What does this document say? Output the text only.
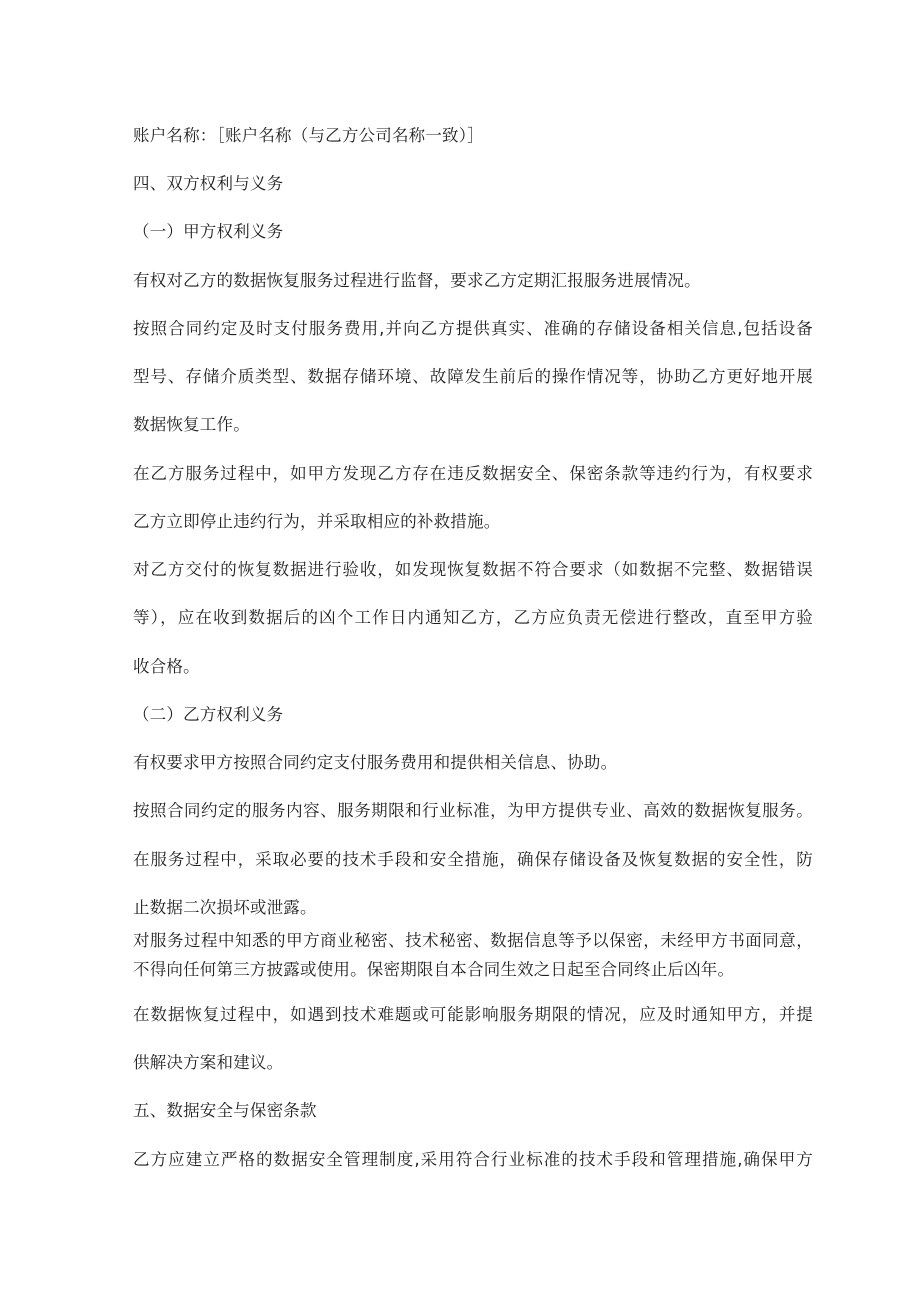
账户名称：［账户名称（与乙方公司名称一致）］
四、双方权利与义务
（一）甲方权利义务
有权对乙方的数据恢复服务过程进行监督，要求乙方定期汇报服务进展情况。
按照合同约定及时支付服务费用,并向乙方提供真实、准确的存储设备相关信息,包括设备
型号、存储介质类型、数据存储环境、故障发生前后的操作情况等，协助乙方更好地开展
数据恢复工作。
在乙方服务过程中，如甲方发现乙方存在违反数据安全、保密条款等违约行为，有权要求
乙方立即停止违约行为，并采取相应的补救措施。
对乙方交付的恢复数据进行验收，如发现恢复数据不符合要求（如数据不完整、数据错误
等），应在收到数据后的凶个工作日内通知乙方，乙方应负责无偿进行整改，直至甲方验
收合格。
（二）乙方权利义务
有权要求甲方按照合同约定支付服务费用和提供相关信息、协助。
按照合同约定的服务内容、服务期限和行业标准，为甲方提供专业、高效的数据恢复服务。
在服务过程中，采取必要的技术手段和安全措施，确保存储设备及恢复数据的安全性，防
止数据二次损坏或泄露。
对服务过程中知悉的甲方商业秘密、技术秘密、数据信息等予以保密，未经甲方书面同意，
不得向任何第三方披露或使用。保密期限自本合同生效之日起至合同终止后凶年。
在数据恢复过程中，如遇到技术难题或可能影响服务期限的情况，应及时通知甲方，并提
供解决方案和建议。
五、数据安全与保密条款
乙方应建立严格的数据安全管理制度,采用符合行业标准的技术手段和管理措施,确保甲方
